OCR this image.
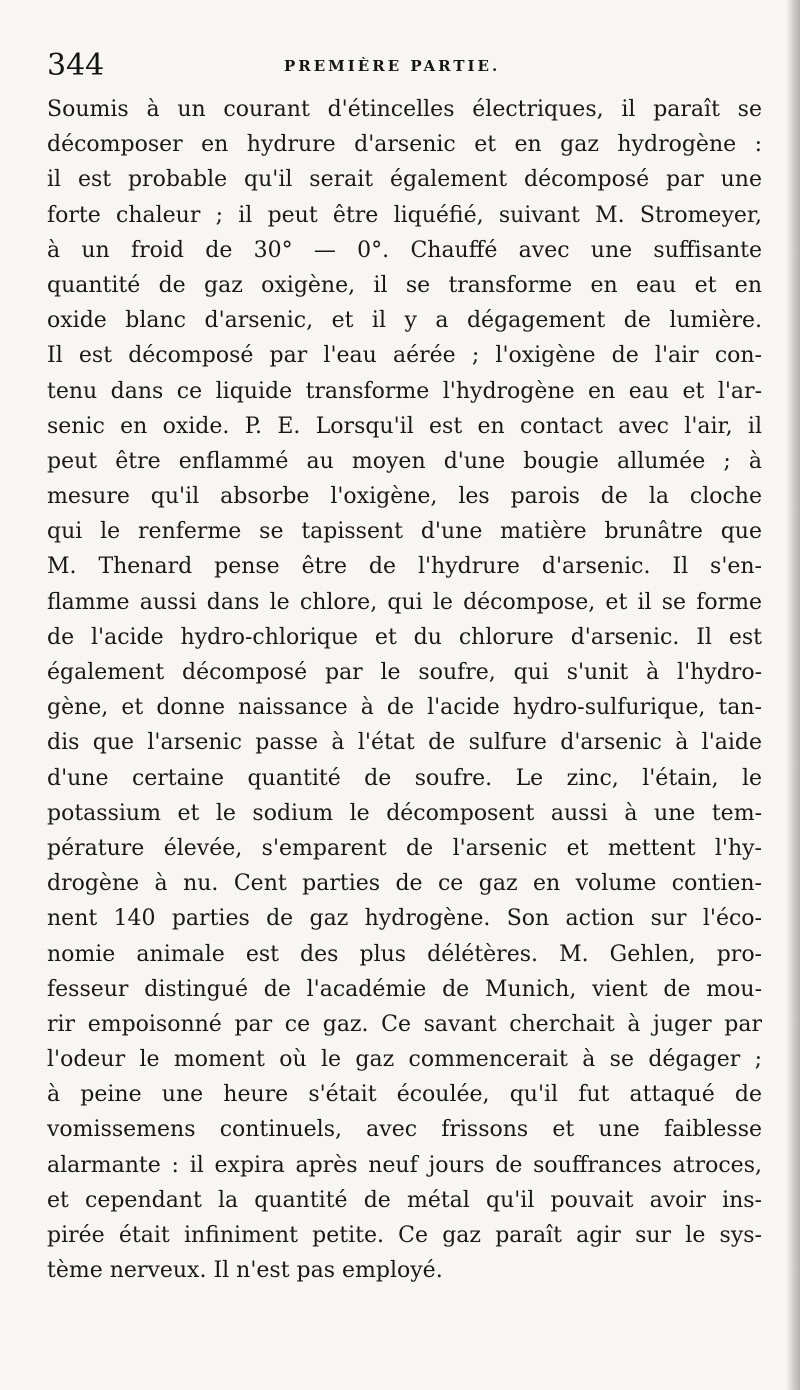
344	PREMIÈRE PARTIE.
Soumis à un courant d'étincelles électriques, il paraît se
décomposer en hydrure d'arsenic et en gaz hydrogène :
il est probable qu'il serait également décomposé par une
forte chaleur ; il peut être liquéfié, suivant M. Stromeyer,
à un froid de 30° — 0°. Chauffé avec une suffisante
quantité de gaz oxigène, il se transforme en eau et en
oxide blanc d'arsenic, et il y a dégagement de lumière.
Il est décomposé par l'eau aérée ; l'oxigène de l'air con-
tenu dans ce liquide transforme l'hydrogène en eau et l'ar-
senic en oxide. P. E. Lorsqu'il est en contact avec l'air, il
peut être enflammé au moyen d'une bougie allumée ; à
mesure qu'il absorbe l'oxigène, les parois de la cloche
qui le renferme se tapissent d'une matière brunâtre que
M. Thenard pense être de l'hydrure d'arsenic. Il s'en-
flamme aussi dans le chlore, qui le décompose, et il se forme
de l'acide hydro-chlorique et du chlorure d'arsenic. Il est
également décomposé par le soufre, qui s'unit à l'hydro-
gène, et donne naissance à de l'acide hydro-sulfurique, tan-
dis que l'arsenic passe à l'état de sulfure d'arsenic à l'aide
d'une certaine quantité de soufre. Le zinc, l'étain, le
potassium et le sodium le décomposent aussi à une tem-
pérature élevée, s'emparent de l'arsenic et mettent l'hy-
drogène à nu. Cent parties de ce gaz en volume contien-
nent 140 parties de gaz hydrogène. Son action sur l'éco-
nomie animale est des plus délétères. M. Gehlen, pro-
fesseur distingué de l'académie de Munich, vient de mou-
rir empoisonné par ce gaz. Ce savant cherchait à juger par
l'odeur le moment où le gaz commencerait à se dégager ;
à peine une heure s'était écoulée, qu'il fut attaqué de
vomissemens continuels, avec frissons et une faiblesse
alarmante : il expira après neuf jours de souffrances atroces,
et cependant la quantité de métal qu'il pouvait avoir ins-
pirée était infiniment petite. Ce gaz paraît agir sur le sys-
tème nerveux. Il n'est pas employé.
